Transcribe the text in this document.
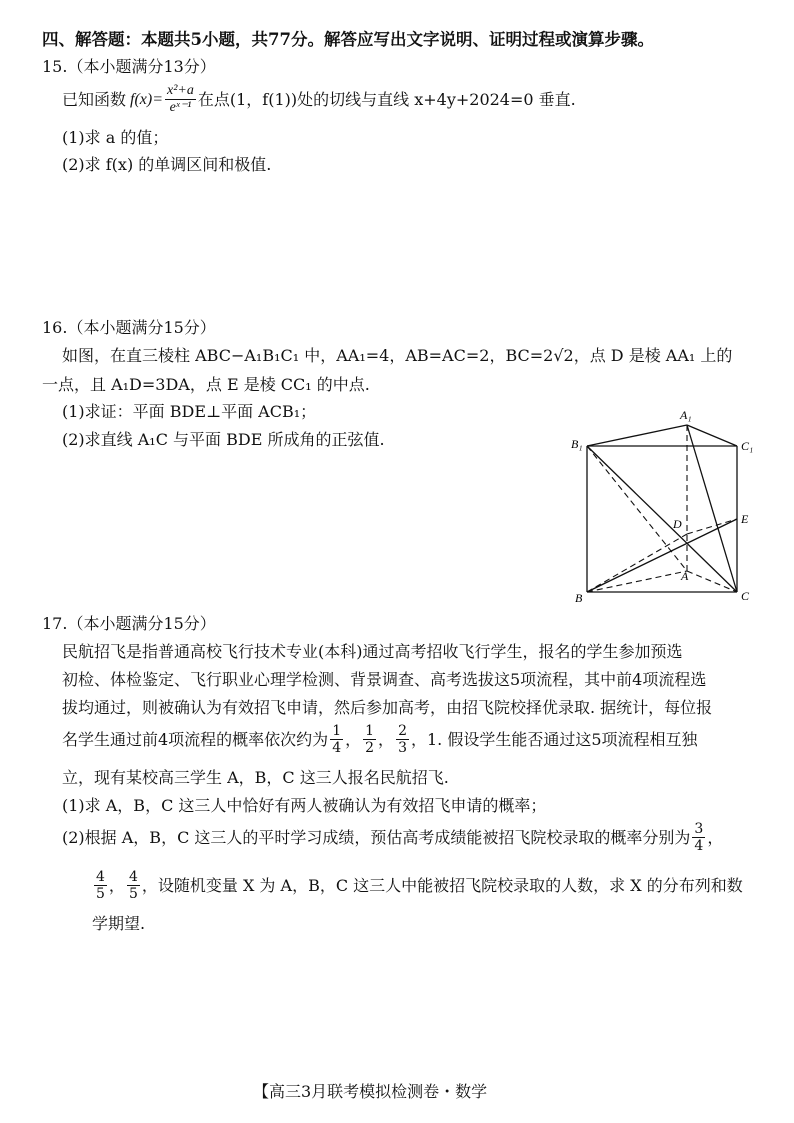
四、解答题：本题共5小题，共77分。解答应写出文字说明、证明过程或演算步骤。
15.（本小题满分13分）
已知函数 $f(x)= \frac{\text{x²+a}}{\text{eˣ⁻¹}}$ 在点(1，f(1))处的切线与直线 x+4y+2024=0 垂直.
(1)求 a 的值；
(2)求 f(x) 的单调区间和极值.
16.（本小题满分15分）
如图，在直三棱柱 ABC−A₁B₁C₁ 中，AA₁=4，AB=AC=2，BC=2√2，点 D 是棱 AA₁ 上的
一点，且 A₁D=3DA，点 E 是棱 CC₁ 的中点.
(1)求证：平面 BDE⊥平面 ACB₁；
(2)求直线 A₁C 与平面 BDE 所成角的正弦值.
A₁
B₁	C₁
D	E
A
B	C
17.（本小题满分15分）
民航招飞是指普通高校飞行技术专业(本科)通过高考招收飞行学生，报名的学生参加预选
初检、体检鉴定、飞行职业心理学检测、背景调查、高考选拔这5项流程，其中前4项流程选
拔均通过，则被确认为有效招飞申请，然后参加高考，由招飞院校择优录取. 据统计，每位报
名学生通过前4项流程的概率依次约为 $\frac{1}{4}$ ， $\frac{1}{2}$ ， $\frac{2}{3}$ ，1. 假设学生能否通过这5项流程相互独
立，现有某校高三学生 A，B，C 这三人报名民航招飞.
(1)求 A，B，C 这三人中恰好有两人被确认为有效招飞申请的概率；
(2)根据 A，B，C 这三人的平时学习成绩，预估高考成绩能被招飞院校录取的概率分别为 $\frac{3}{4}$ ，
$\frac{4}{5}$ ， $\frac{4}{5}$ ，设随机变量 X 为 A，B，C 这三人中能被招飞院校录取的人数，求 X 的分布列和数
学期望.
【高三3月联考模拟检测卷・数学
